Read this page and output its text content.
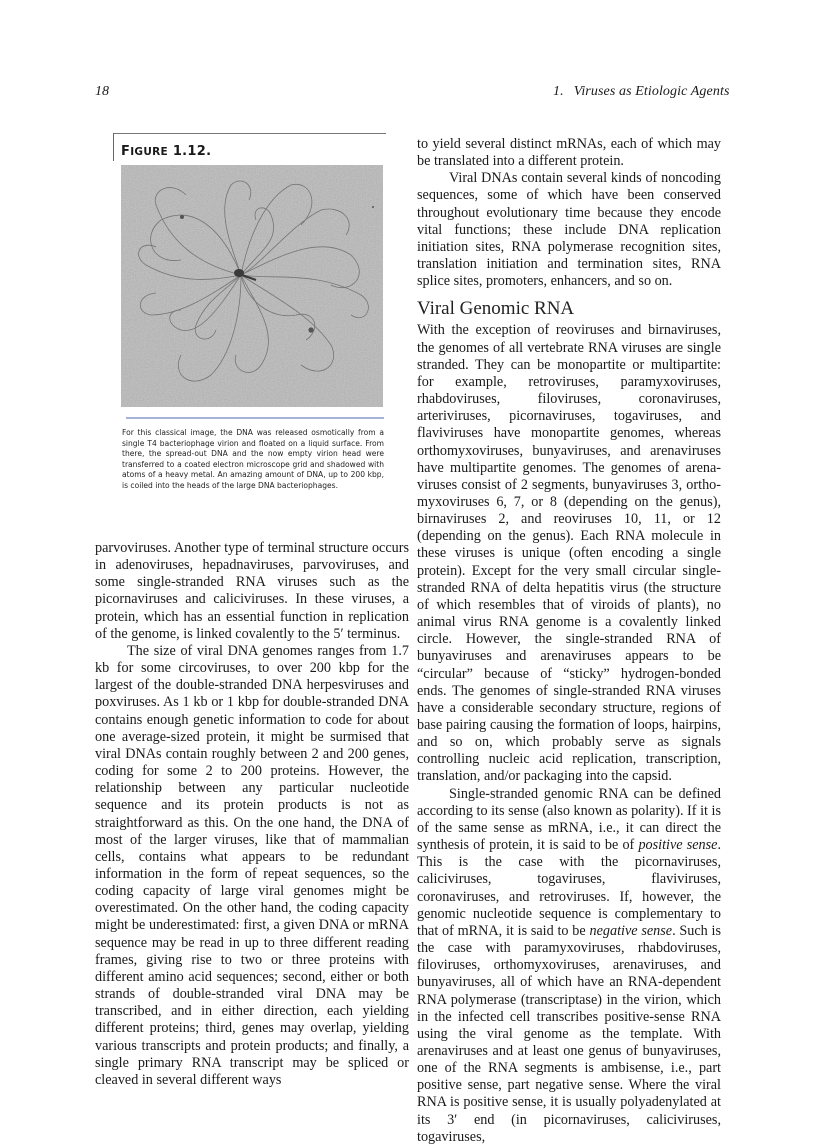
18	1. Viruses as Etiologic Agents
FIGURE 1.12.
For this classical image, the DNA was released osmotically from a single T4 bacteriophage virion and floated on a liquid surface. From there, the spread-out DNA and the now empty virion head were transferred to a coated electron microscope grid and shadowed with atoms of a heavy metal. An amazing amount of DNA, up to 200 kbp, is coiled into the heads of the large DNA bacteriophages.

parvoviruses. Another type of terminal structure occurs in adenoviruses, hepadnaviruses, parvoviruses, and some single-stranded RNA viruses such as the picornaviruses and caliciviruses. In these viruses, a protein, which has an essential function in replication of the genome, is linked covalently to the 5′ terminus.

The size of viral DNA genomes ranges from 1.7 kb for some circoviruses, to over 200 kbp for the largest of the double-stranded DNA herpesviruses and poxviruses. As 1 kb or 1 kbp for double-stranded DNA contains enough genetic information to code for about one average-sized protein, it might be surmised that viral DNAs contain roughly between 2 and 200 genes, coding for some 2 to 200 proteins. However, the relationship between any particular nucleotide sequence and its protein products is not as straightforward as this. On the one hand, the DNA of most of the larger viruses, like that of mammalian cells, contains what appears to be redundant information in the form of repeat sequences, so the coding capacity of large viral genomes might be overestimated. On the other hand, the coding capacity might be underestimated: first, a given DNA or mRNA sequence may be read in up to three different reading frames, giving rise to two or three proteins with different amino acid sequences; second, either or both strands of double-stranded viral DNA may be transcribed, and in either direction, each yielding different proteins; third, genes may overlap, yielding various transcripts and protein products; and finally, a single primary RNA transcript may be spliced or cleaved in several different ways

to yield several distinct mRNAs, each of which may be translated into a different protein.

Viral DNAs contain several kinds of noncoding sequences, some of which have been conserved throughout evolutionary time because they encode vital functions; these include DNA replication initiation sites, RNA polymerase recognition sites, translation initiation and termination sites, RNA splice sites, promoters, enhancers, and so on.

Viral Genomic RNA

With the exception of reoviruses and birnaviruses, the genomes of all vertebrate RNA viruses are single stranded. They can be monopartite or multipartite: for example, retroviruses, paramyxoviruses, rhabdoviruses, filoviruses, coronaviruses, arteriviruses, picornaviruses, togaviruses, and flaviviruses have monopartite genomes, whereas orthomyxoviruses, bunyaviruses, and arenaviruses have multipartite genomes. The genomes of arenaviruses consist of 2 segments, bunyaviruses 3, orthomyxoviruses 6, 7, or 8 (depending on the genus), birnaviruses 2, and reoviruses 10, 11, or 12 (depending on the genus). Each RNA molecule in these viruses is unique (often encoding a single protein). Except for the very small circular single-stranded RNA of delta hepatitis virus (the structure of which resembles that of viroids of plants), no animal virus RNA genome is a covalently linked circle. However, the single-stranded RNA of bunyaviruses and arenaviruses appears to be “circular” because of “sticky” hydrogen-bonded ends. The genomes of single-stranded RNA viruses have a considerable secondary structure, regions of base pairing causing the formation of loops, hairpins, and so on, which probably serve as signals controlling nucleic acid replication, transcription, translation, and/or packaging into the capsid.

Single-stranded genomic RNA can be defined according to its sense (also known as polarity). If it is of the same sense as mRNA, i.e., it can direct the synthesis of protein, it is said to be of positive sense. This is the case with the picornaviruses, caliciviruses, togaviruses, flaviviruses, coronaviruses, and retroviruses. If, however, the genomic nucleotide sequence is complementary to that of mRNA, it is said to be negative sense. Such is the case with paramyxoviruses, rhabdoviruses, filoviruses, orthomyxoviruses, arenaviruses, and bunyaviruses, all of which have an RNA-dependent RNA polymerase (transcriptase) in the virion, which in the infected cell transcribes positive-sense RNA using the viral genome as the template. With arenaviruses and at least one genus of bunyaviruses, one of the RNA segments is ambisense, i.e., part positive sense, part negative sense. Where the viral RNA is positive sense, it is usually polyadenylated at its 3′ end (in picornaviruses, caliciviruses, togaviruses,
